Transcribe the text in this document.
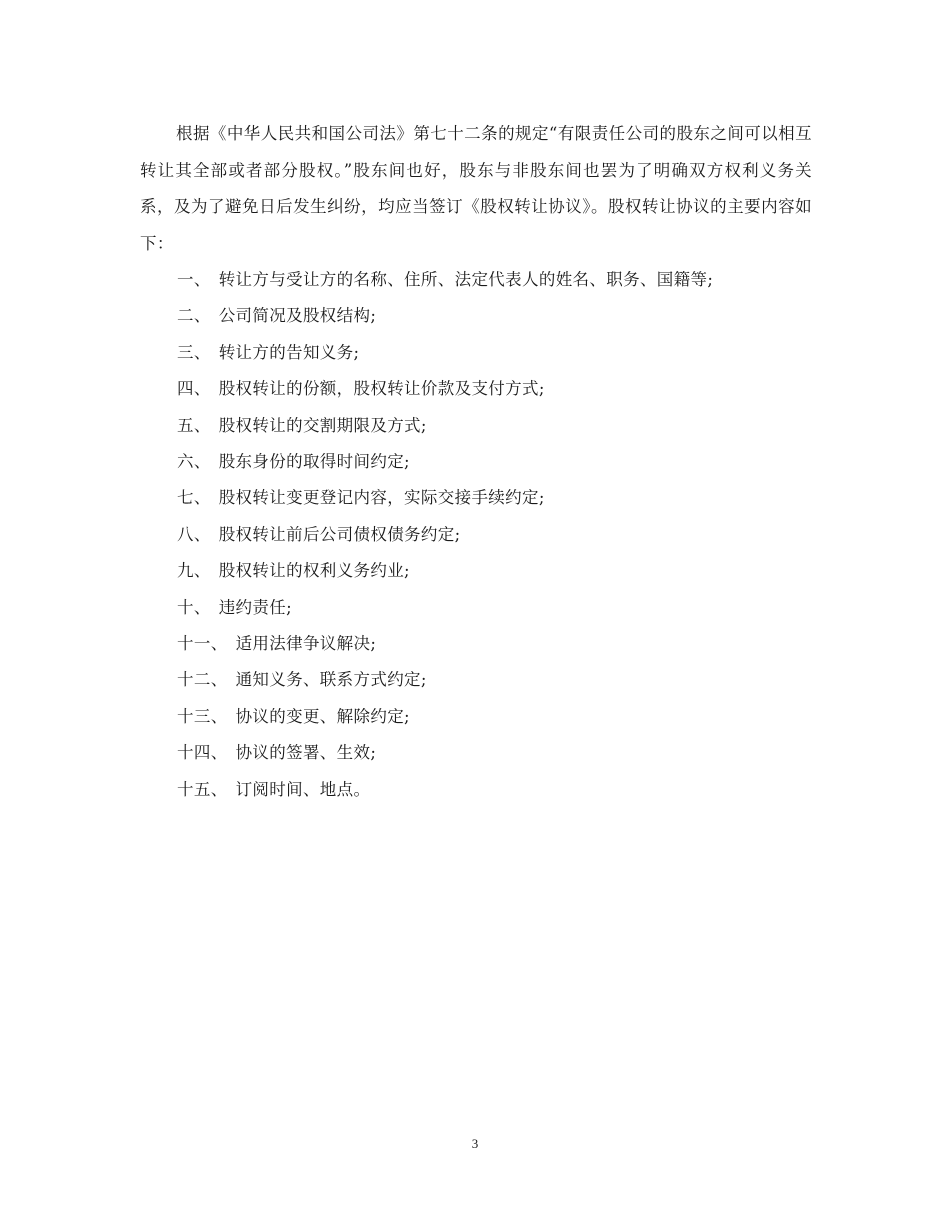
根据《中华人民共和国公司法》第七十二条的规定“有限责任公司的股东之间可以相互转让其全部或者部分股权。”股东间也好，股东与非股东间也罢为了明确双方权利义务关系，及为了避免日后发生纠纷，均应当签订《股权转让协议》。股权转让协议的主要内容如下：

一、 转让方与受让方的名称、住所、法定代表人的姓名、职务、国籍等;
二、 公司简况及股权结构;
三、 转让方的告知义务;
四、 股权转让的份额，股权转让价款及支付方式;
五、 股权转让的交割期限及方式;
六、 股东身份的取得时间约定;
七、 股权转让变更登记内容，实际交接手续约定;
八、 股权转让前后公司债权债务约定;
九、 股权转让的权利义务约业;
十、 违约责任;
十一、 适用法律争议解决;
十二、 通知义务、联系方式约定;
十三、 协议的变更、解除约定;
十四、 协议的签署、生效;
十五、 订阅时间、地点。
3
